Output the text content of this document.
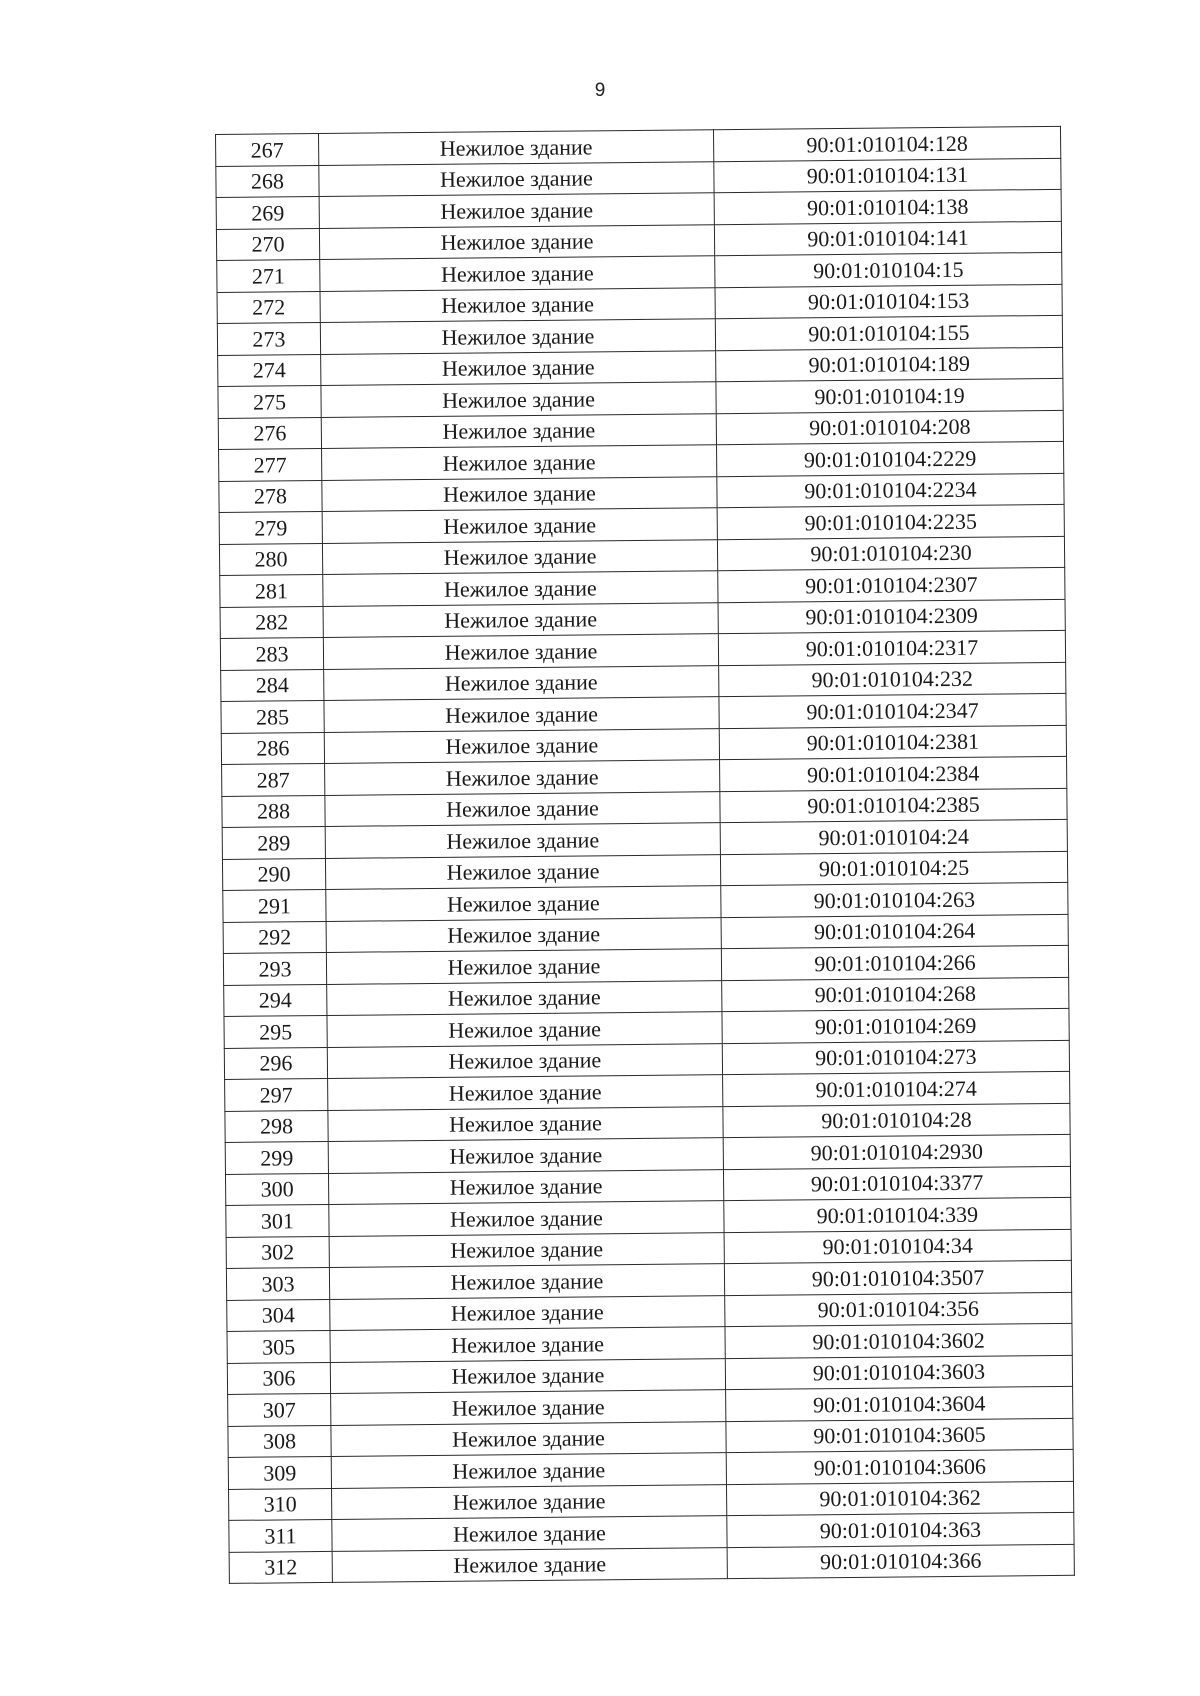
9
267	Нежилое здание	90:01:010104:128
268	Нежилое здание	90:01:010104:131
269	Нежилое здание	90:01:010104:138
270	Нежилое здание	90:01:010104:141
271	Нежилое здание	90:01:010104:15
272	Нежилое здание	90:01:010104:153
273	Нежилое здание	90:01:010104:155
274	Нежилое здание	90:01:010104:189
275	Нежилое здание	90:01:010104:19
276	Нежилое здание	90:01:010104:208
277	Нежилое здание	90:01:010104:2229
278	Нежилое здание	90:01:010104:2234
279	Нежилое здание	90:01:010104:2235
280	Нежилое здание	90:01:010104:230
281	Нежилое здание	90:01:010104:2307
282	Нежилое здание	90:01:010104:2309
283	Нежилое здание	90:01:010104:2317
284	Нежилое здание	90:01:010104:232
285	Нежилое здание	90:01:010104:2347
286	Нежилое здание	90:01:010104:2381
287	Нежилое здание	90:01:010104:2384
288	Нежилое здание	90:01:010104:2385
289	Нежилое здание	90:01:010104:24
290	Нежилое здание	90:01:010104:25
291	Нежилое здание	90:01:010104:263
292	Нежилое здание	90:01:010104:264
293	Нежилое здание	90:01:010104:266
294	Нежилое здание	90:01:010104:268
295	Нежилое здание	90:01:010104:269
296	Нежилое здание	90:01:010104:273
297	Нежилое здание	90:01:010104:274
298	Нежилое здание	90:01:010104:28
299	Нежилое здание	90:01:010104:2930
300	Нежилое здание	90:01:010104:3377
301	Нежилое здание	90:01:010104:339
302	Нежилое здание	90:01:010104:34
303	Нежилое здание	90:01:010104:3507
304	Нежилое здание	90:01:010104:356
305	Нежилое здание	90:01:010104:3602
306	Нежилое здание	90:01:010104:3603
307	Нежилое здание	90:01:010104:3604
308	Нежилое здание	90:01:010104:3605
309	Нежилое здание	90:01:010104:3606
310	Нежилое здание	90:01:010104:362
311	Нежилое здание	90:01:010104:363
312	Нежилое здание	90:01:010104:366
